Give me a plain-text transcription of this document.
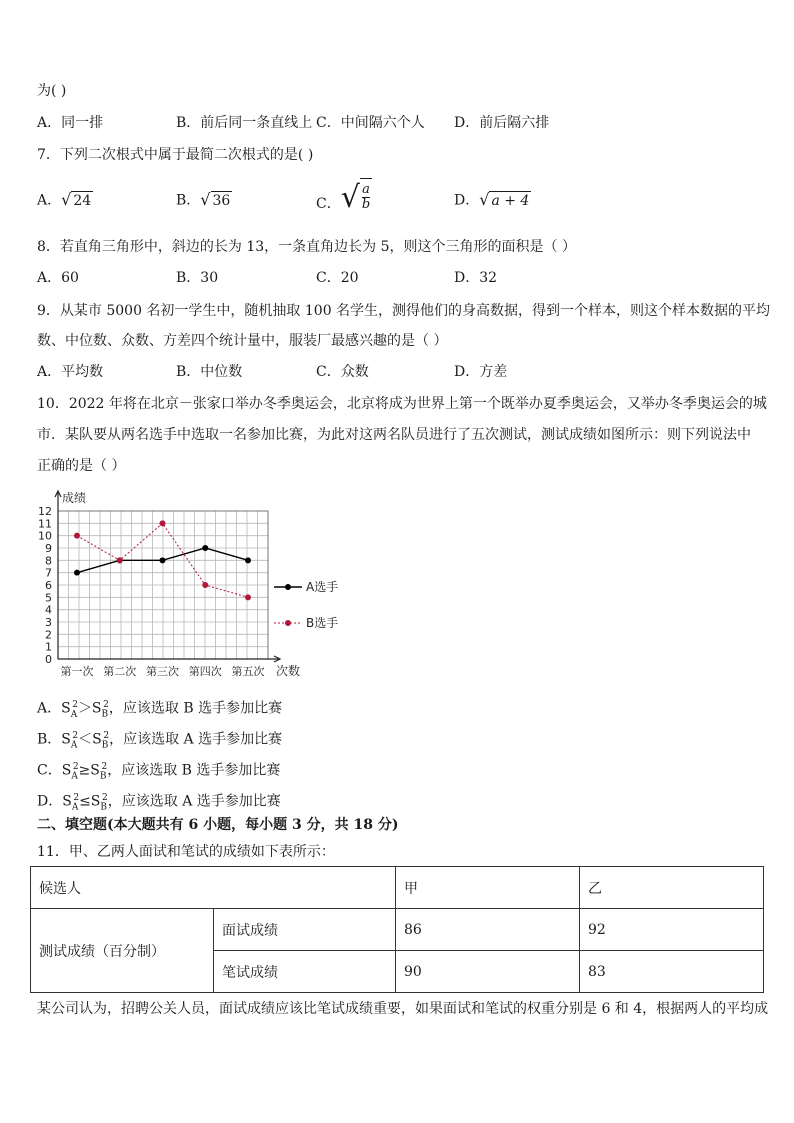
为( )
A．同一排	B．前后同一条直线上 C．中间隔六个人 D．前后隔六排
7．下列二次根式中属于最简二次根式的是( )
A． √ 24	B． √ 36	C． √ $\frac{a}{b}$	D． √ a + 4
8．若直角三角形中，斜边的长为 13，一条直角边长为 5，则这个三角形的面积是（ ）
A．60	B．30	C．20	D．32
9．从某市 5000 名初一学生中，随机抽取 100 名学生，测得他们的身高数据，得到一个样本，则这个样本数据的平均
数、中位数、众数、方差四个统计量中，服装厂最感兴趣的是（ ）
A．平均数	B．中位数	C．众数	D．方差
10．2022 年将在北京－张家口举办冬季奥运会，北京将成为世界上第一个既举办夏季奥运会，又举办冬季奥运会的城
市．某队要从两名选手中选取一名参加比赛，为此对这两名队员进行了五次测试，测试成绩如图所示：则下列说法中
正确的是（ ）
0
1
2
3
4
5
6
7
8
9
10
11
12
成绩
第一次 第二次 第三次 第四次 第五次 次数
A选手
B选手
A．$S_A^2>S_B^2$，应该选取 B 选手参加比赛
B．$S_A^2<S_B^2$，应该选取 A 选手参加比赛
C．$S_A^2\ge S_B^2$，应该选取 B 选手参加比赛
D．$S_A^2\le S_B^2$，应该选取 A 选手参加比赛
二、填空题(本大题共有 6 小题，每小题 3 分，共 18 分)
11．甲、乙两人面试和笔试的成绩如下表所示：
候选人		甲	乙
测试成绩（百分制）	面试成绩	86	92
	笔试成绩	90	83
某公司认为，招聘公关人员，面试成绩应该比笔试成绩重要，如果面试和笔试的权重分别是 6 和 4，根据两人的平均成
